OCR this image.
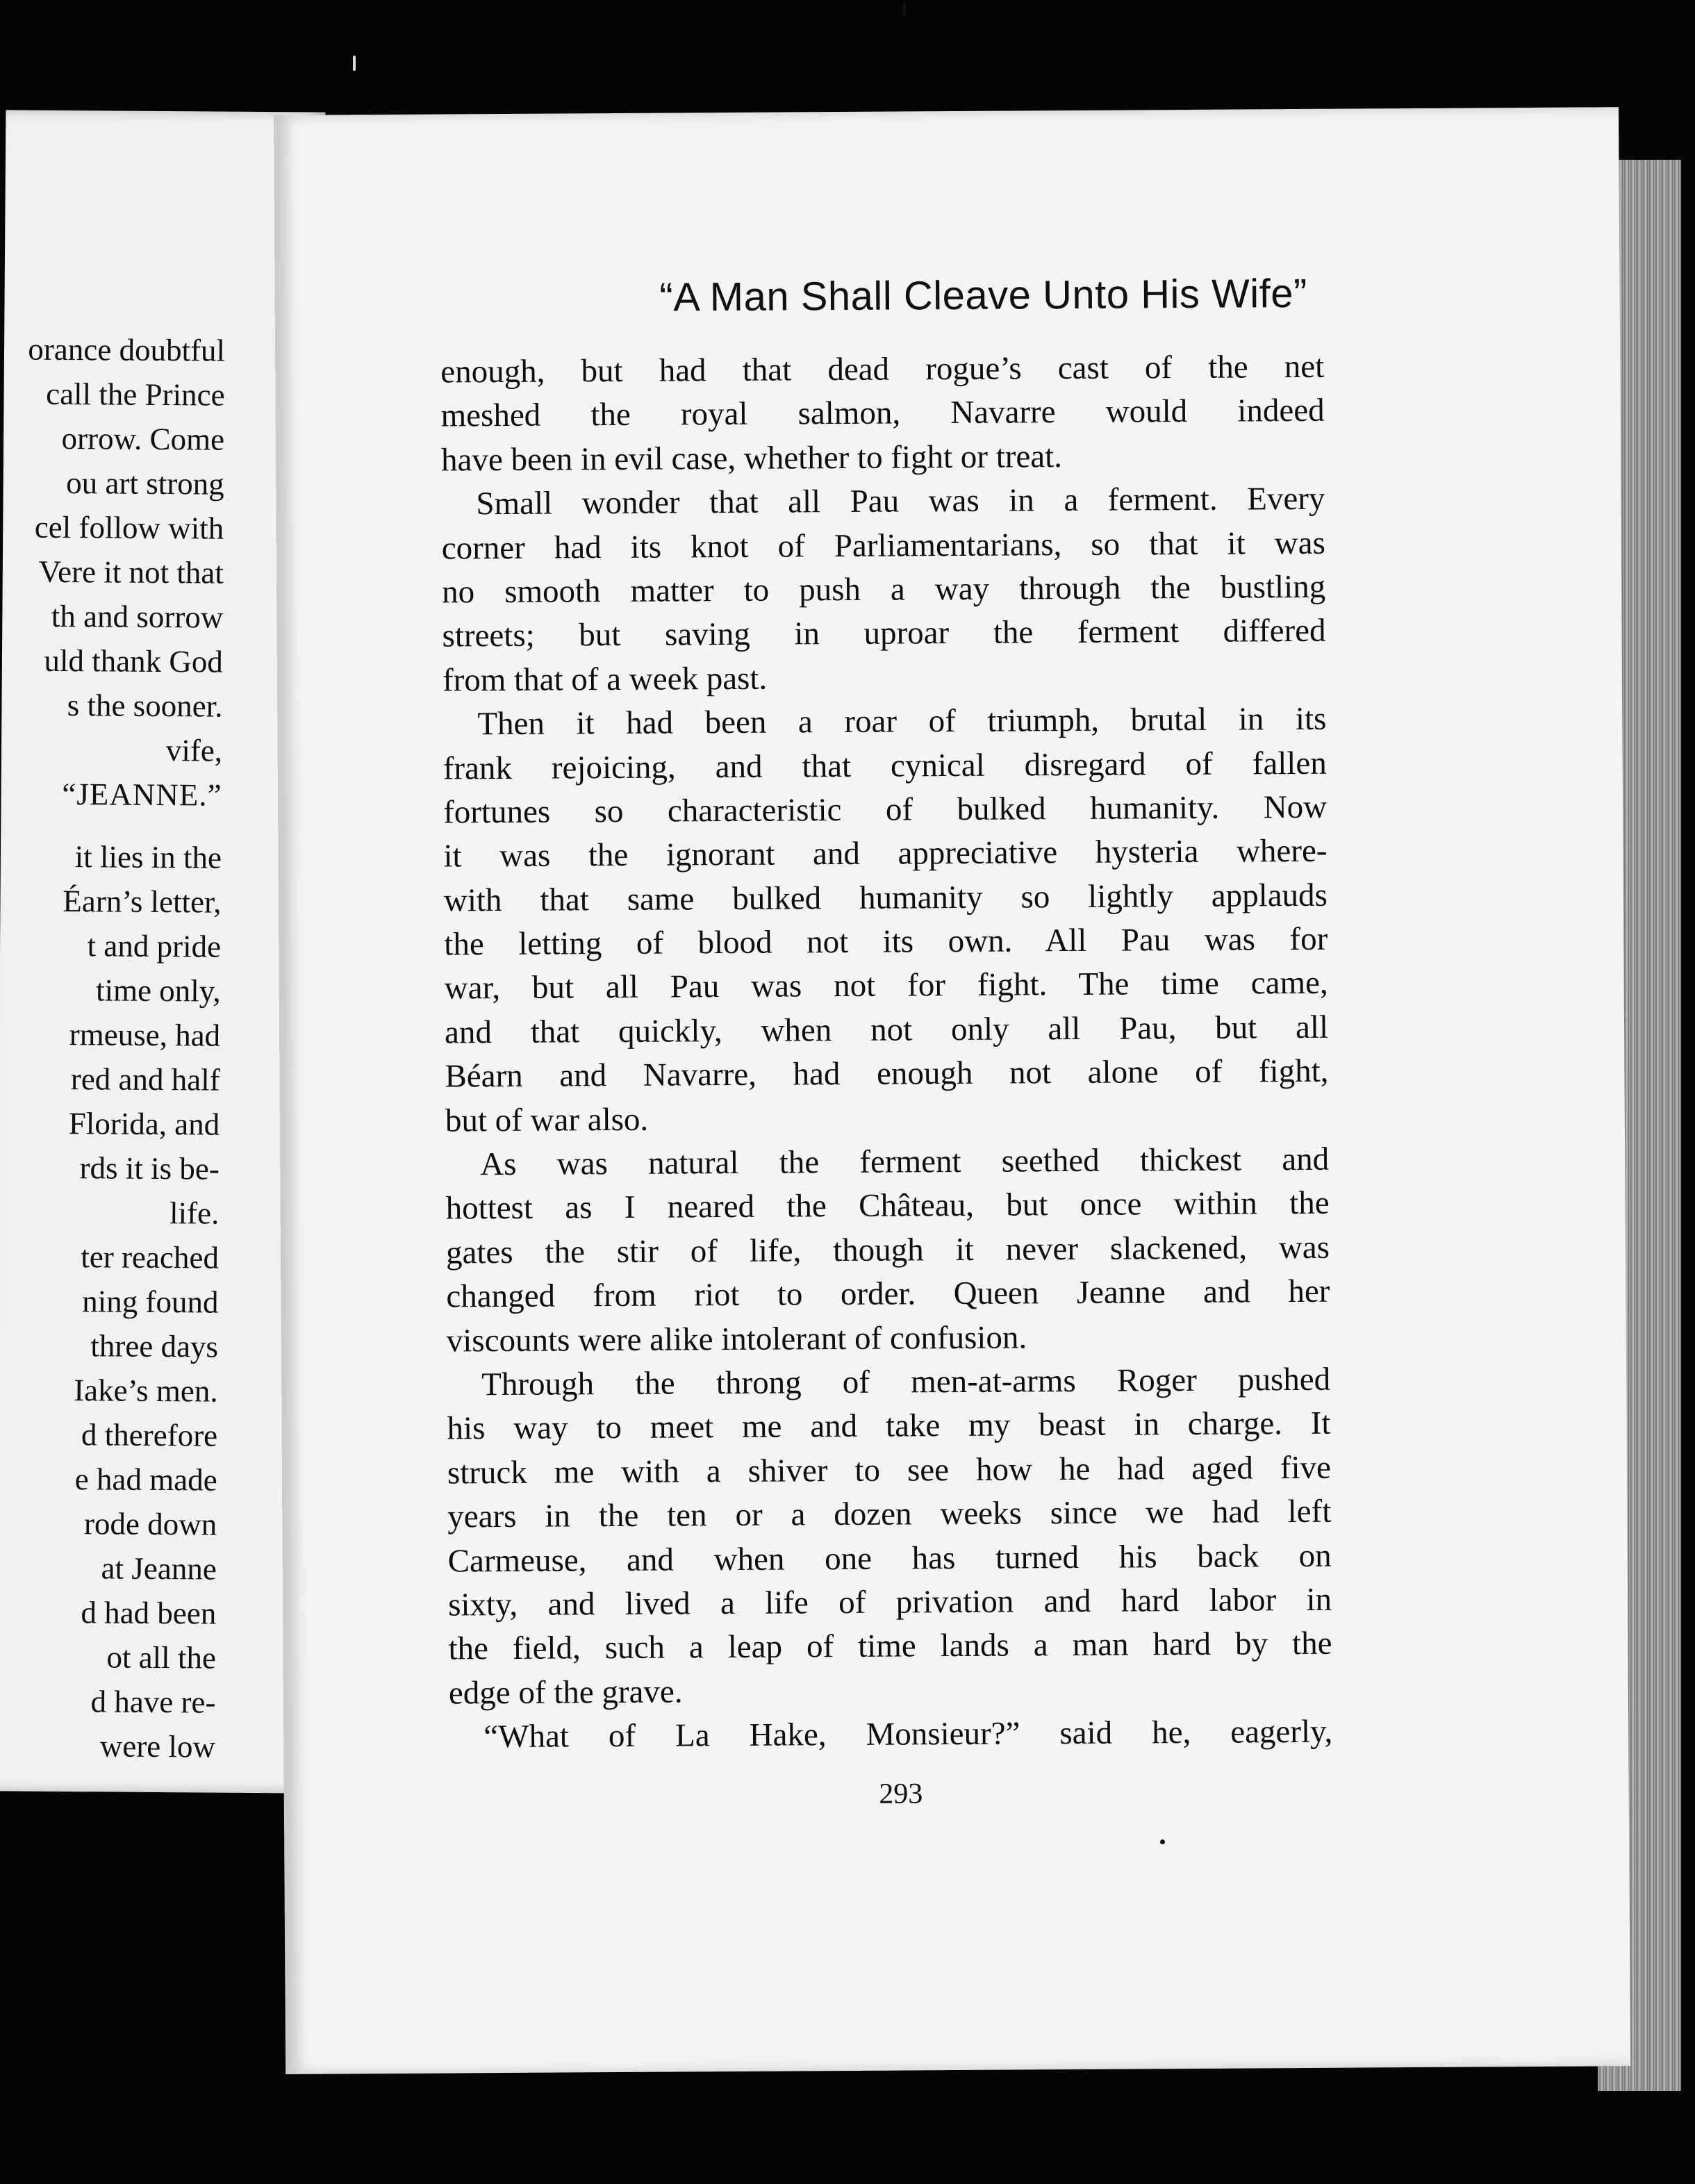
orance doubtful
call the Prince
orrow. Come
ou art strong
cel follow with
Vere it not that
th and sorrow
uld thank God
s the sooner.
vife,
“JEANNE.”
it lies in the
Éarn’s letter,
t and pride
time only,
rmeuse, had
red and half
Florida, and
rds it is be-
life.
ter reached
ning found
three days
Iake’s men.
d therefore
e had made
rode down
at Jeanne
d had been
ot all the
d have re-
were low
“A Man Shall Cleave Unto His Wife”
enough, but had that dead rogue’s cast of the net
meshed the royal salmon, Navarre would indeed
have been in evil case, whether to fight or treat.
Small wonder that all Pau was in a ferment. Every
corner had its knot of Parliamentarians, so that it was
no smooth matter to push a way through the bustling
streets; but saving in uproar the ferment differed
from that of a week past.
Then it had been a roar of triumph, brutal in its
frank rejoicing, and that cynical disregard of fallen
fortunes so characteristic of bulked humanity. Now
it was the ignorant and appreciative hysteria where-
with that same bulked humanity so lightly applauds
the letting of blood not its own. All Pau was for
war, but all Pau was not for fight. The time came,
and that quickly, when not only all Pau, but all
Béarn and Navarre, had enough not alone of fight,
but of war also.
As was natural the ferment seethed thickest and
hottest as I neared the Château, but once within the
gates the stir of life, though it never slackened, was
changed from riot to order. Queen Jeanne and her
viscounts were alike intolerant of confusion.
Through the throng of men-at-arms Roger pushed
his way to meet me and take my beast in charge. It
struck me with a shiver to see how he had aged five
years in the ten or a dozen weeks since we had left
Carmeuse, and when one has turned his back on
sixty, and lived a life of privation and hard labor in
the field, such a leap of time lands a man hard by the
edge of the grave.
“What of La Hake, Monsieur?” said he, eagerly,
293
